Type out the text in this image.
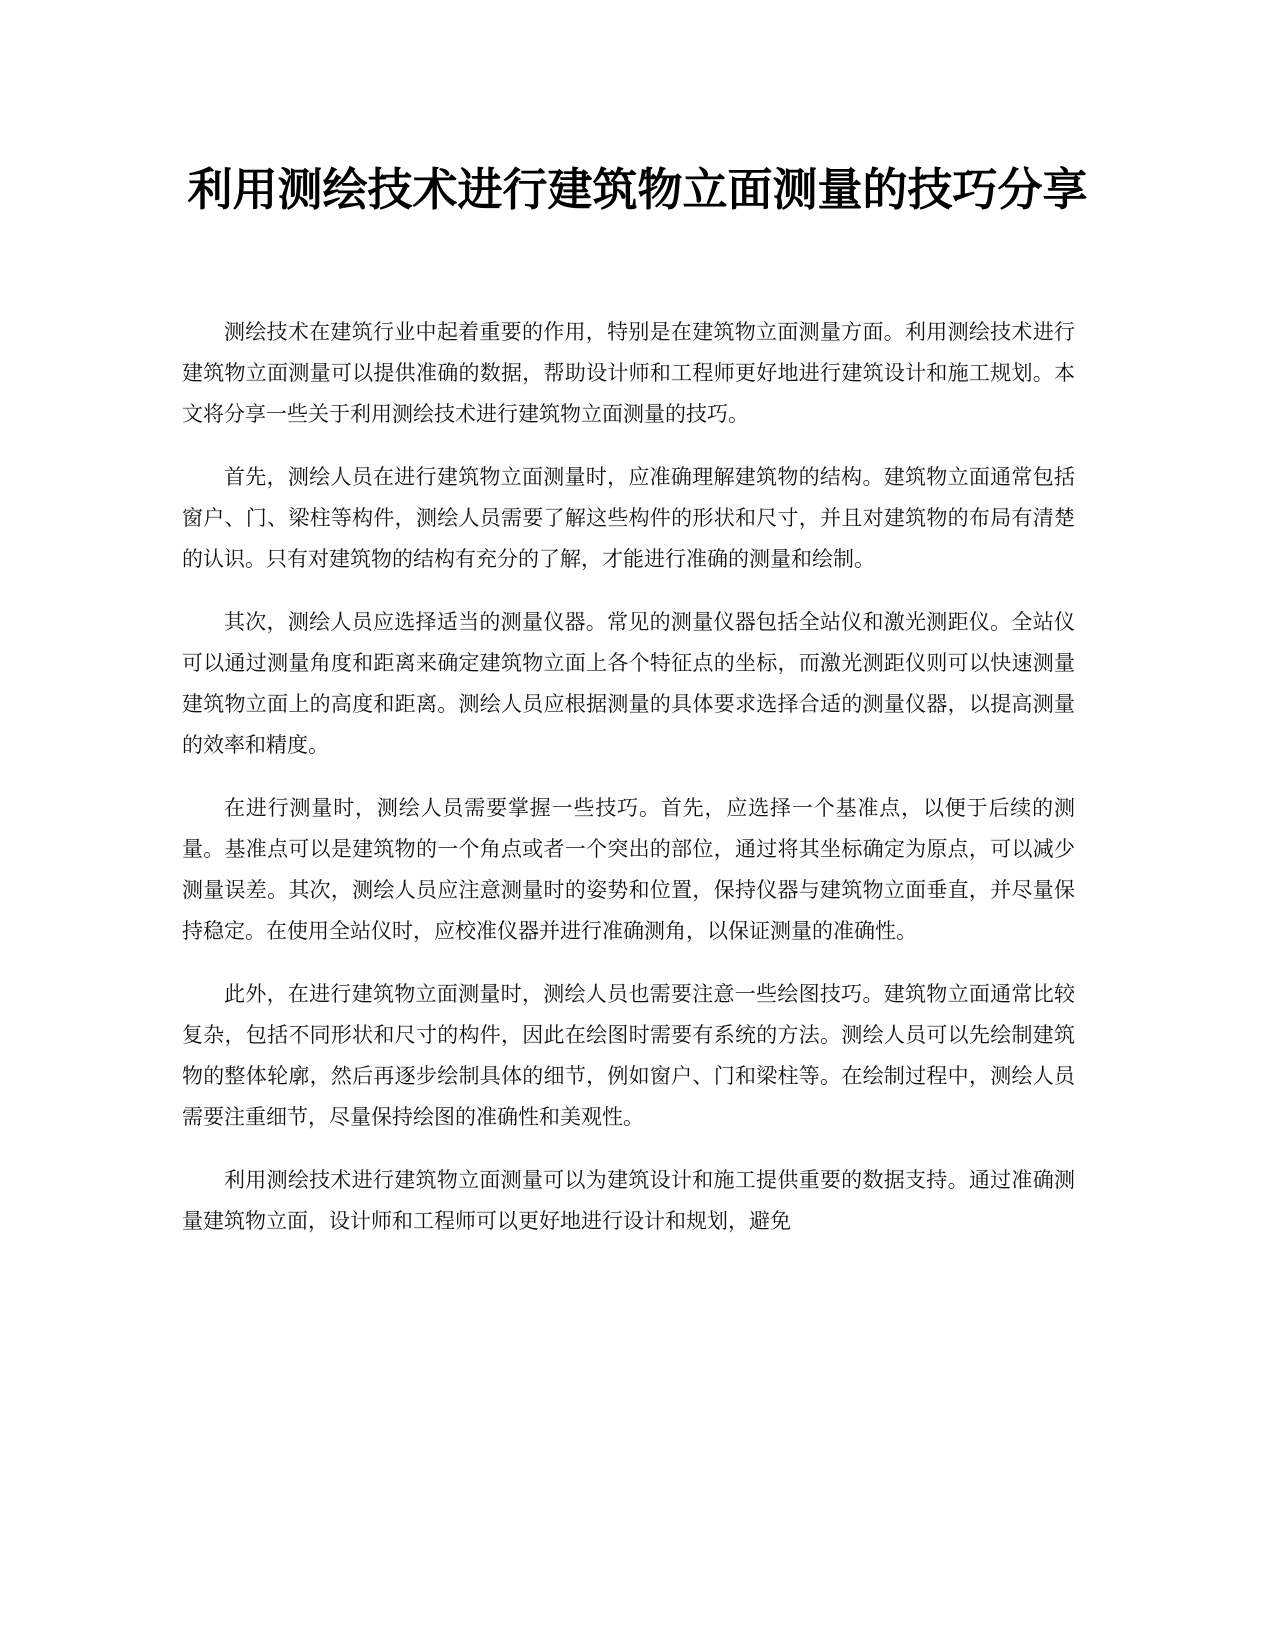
利用测绘技术进行建筑物立面测量的技巧分享

测绘技术在建筑行业中起着重要的作用，特别是在建筑物立面测量方面。利用测绘技术进行建筑物立面测量可以提供准确的数据，帮助设计师和工程师更好地进行建筑设计和施工规划。本文将分享一些关于利用测绘技术进行建筑物立面测量的技巧。

首先，测绘人员在进行建筑物立面测量时，应准确理解建筑物的结构。建筑物立面通常包括窗户、门、梁柱等构件，测绘人员需要了解这些构件的形状和尺寸，并且对建筑物的布局有清楚的认识。只有对建筑物的结构有充分的了解，才能进行准确的测量和绘制。

其次，测绘人员应选择适当的测量仪器。常见的测量仪器包括全站仪和激光测距仪。全站仪可以通过测量角度和距离来确定建筑物立面上各个特征点的坐标，而激光测距仪则可以快速测量建筑物立面上的高度和距离。测绘人员应根据测量的具体要求选择合适的测量仪器，以提高测量的效率和精度。

在进行测量时，测绘人员需要掌握一些技巧。首先，应选择一个基准点，以便于后续的测量。基准点可以是建筑物的一个角点或者一个突出的部位，通过将其坐标确定为原点，可以减少测量误差。其次，测绘人员应注意测量时的姿势和位置，保持仪器与建筑物立面垂直，并尽量保持稳定。在使用全站仪时，应校准仪器并进行准确测角，以保证测量的准确性。

此外，在进行建筑物立面测量时，测绘人员也需要注意一些绘图技巧。建筑物立面通常比较复杂，包括不同形状和尺寸的构件，因此在绘图时需要有系统的方法。测绘人员可以先绘制建筑物的整体轮廓，然后再逐步绘制具体的细节，例如窗户、门和梁柱等。在绘制过程中，测绘人员需要注重细节，尽量保持绘图的准确性和美观性。

利用测绘技术进行建筑物立面测量可以为建筑设计和施工提供重要的数据支持。通过准确测量建筑物立面，设计师和工程师可以更好地进行设计和规划，避免
